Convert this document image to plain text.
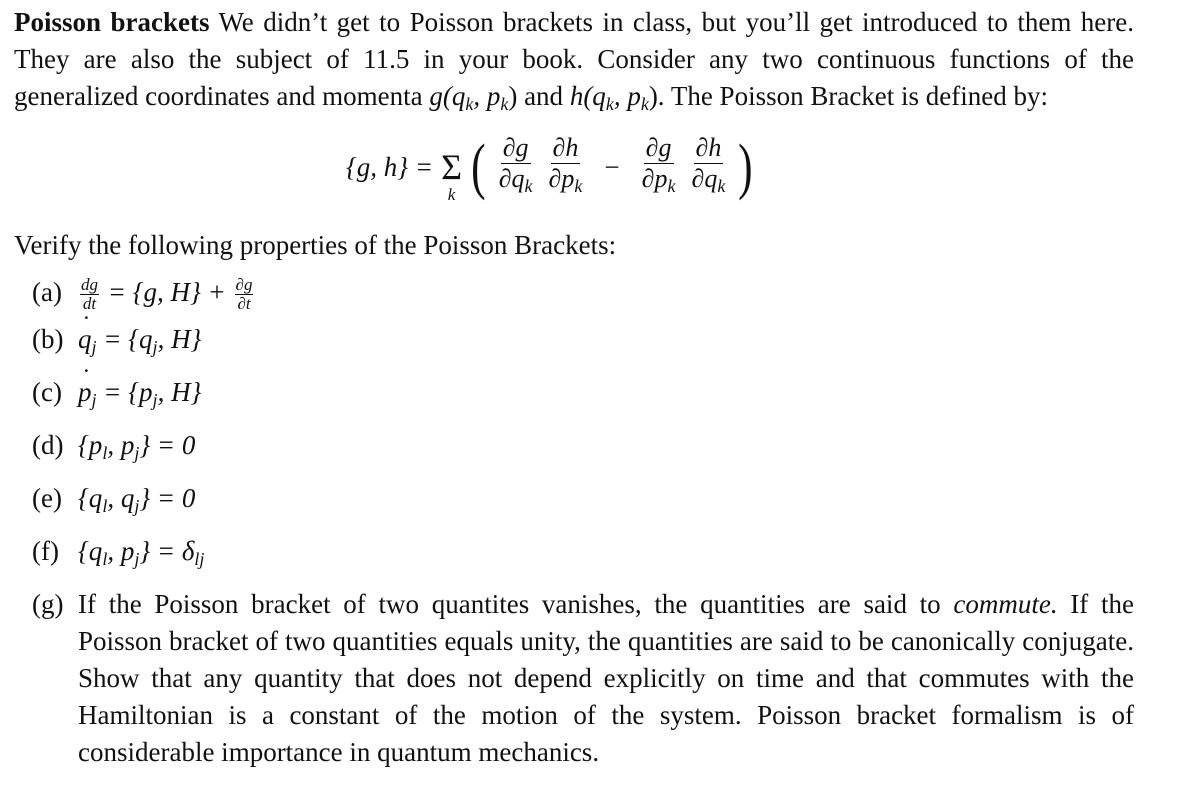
Poisson brackets We didn’t get to Poisson brackets in class, but you’ll get introduced to them here. They are also the subject of 11.5 in your book. Consider any two continuous functions of the generalized coordinates and momenta $g(q_k$, $p_k$) and $h(q_k$, $p_k$). The Poisson Bracket is defined by:

{g, h} = Σ
k ( $\frac{\partial g}{\partial q_k} \frac{\partial h}{\partial p_k} - \frac{\partial g}{\partial p_k} \frac{\partial h}{\partial q_k}$ )

Verify the following properties of the Poisson Brackets:

$(a) \frac{dg}{dt} = \{g$, $H\} + \frac{\partial g}{\partial t}$
(b) q $˙_j = \{q_j$, H}
(c) p $˙_j = \{p_j$, H}
(d) {$p_l$, $p_j\} = 0$
(e) {$q_l$, $q_j\} = 0$
(f) {$q_l$, $p_j\} = \delta_{lj}$
(g) If the Poisson bracket of two quantites vanishes, the quantities are said to commute. If the Poisson bracket of two quantities equals unity, the quantities are said to be canonically conjugate. Show that any quantity that does not depend explicitly on time and that commutes with the Hamiltonian is a constant of the motion of the system. Poisson bracket formalism is of considerable importance in quantum mechanics.
